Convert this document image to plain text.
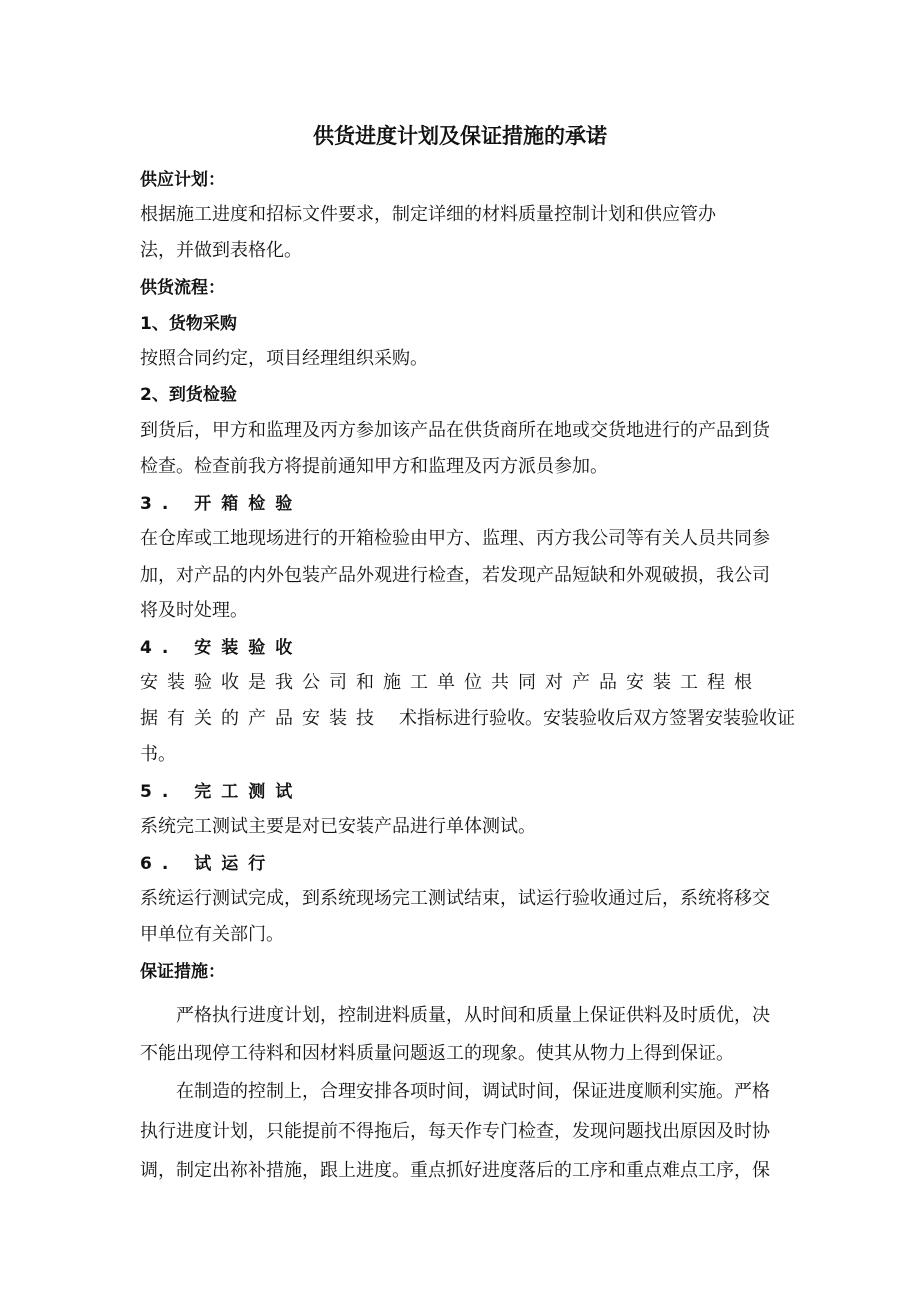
供货进度计划及保证措施的承诺
供应计划：
根据施工进度和招标文件要求，制定详细的材料质量控制计划和供应管办
法，并做到表格化。
供货流程：
1、货物采购
按照合同约定，项目经理组织采购。
2、到货检验
到货后，甲方和监理及丙方参加该产品在供货商所在地或交货地进行的产品到货
检查。检查前我方将提前通知甲方和监理及丙方派员参加。
3. 开箱检验
在仓库或工地现场进行的开箱检验由甲方、监理、丙方我公司等有关人员共同参
加，对产品的内外包装产品外观进行检查，若发现产品短缺和外观破损，我公司
将及时处理。
4. 安装验收
安装验收是我公司和施工单位共同对产品安装工程根
据有关的产品安装技 术指标进行验收。安装验收后双方签署安装验收证
书。
5. 完工测试
系统完工测试主要是对已安装产品进行单体测试。
6. 试运行
系统运行测试完成，到系统现场完工测试结束，试运行验收通过后，系统将移交
甲单位有关部门。
保证措施：
严格执行进度计划，控制进料质量，从时间和质量上保证供料及时质优，决
不能出现停工待料和因材料质量问题返工的现象。使其从物力上得到保证。
在制造的控制上，合理安排各项时间，调试时间，保证进度顺利实施。严格
执行进度计划，只能提前不得拖后，每天作专门检查，发现问题找出原因及时协
调，制定出祢补措施，跟上进度。重点抓好进度落后的工序和重点难点工序，保
